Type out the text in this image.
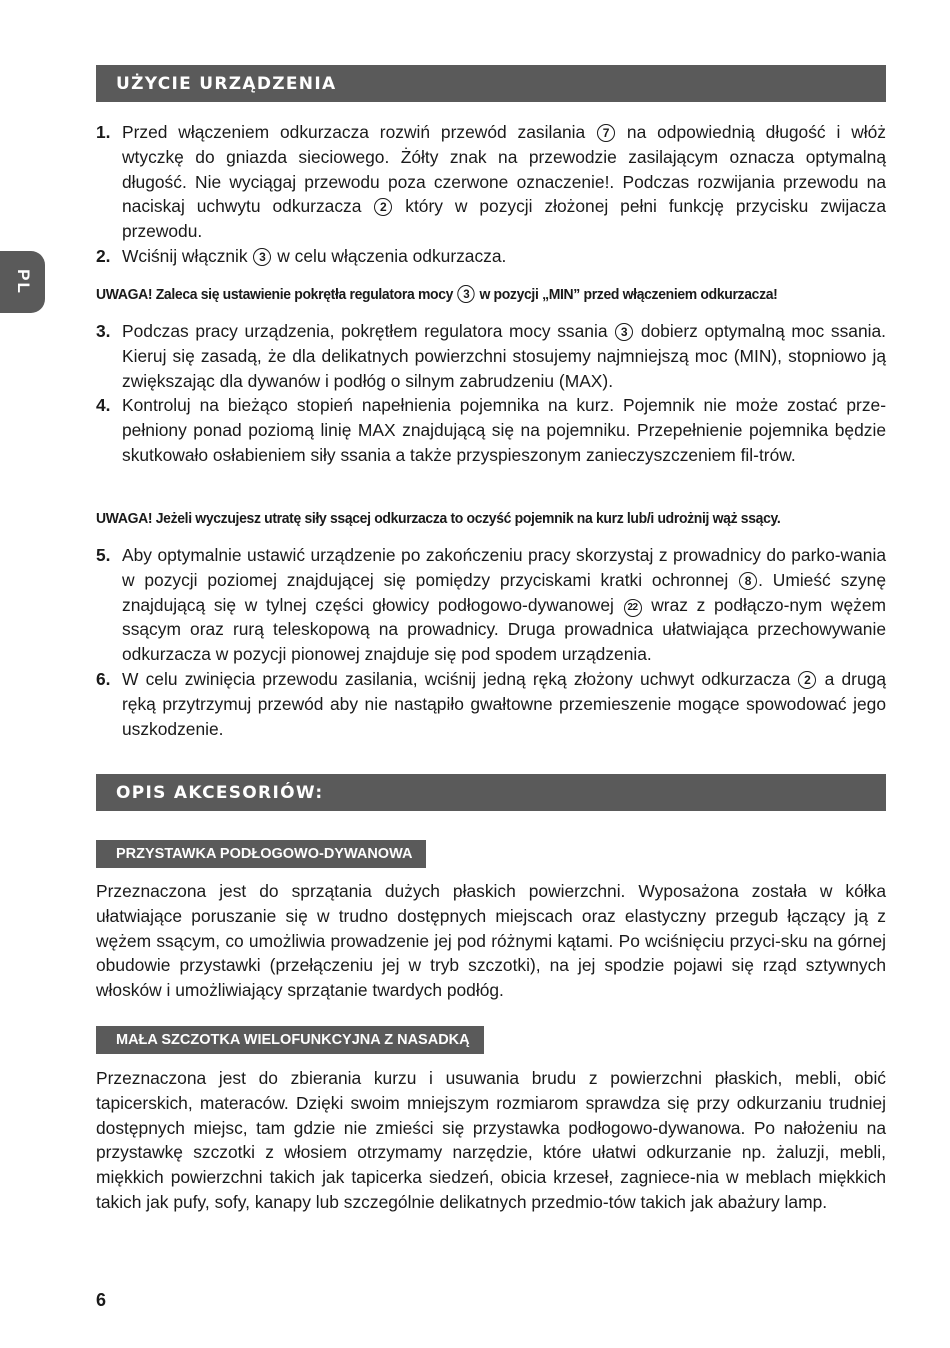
PL
UŻYCIE URZĄDZENIA
1. Przed włączeniem odkurzacza rozwiń przewód zasilania 7 na odpowiednią długość i włóż wtyczkę do gniazda sieciowego. Żółty znak na przewodzie zasilającym oznacza optymalną długość. Nie wyciągaj przewodu poza czerwone oznaczenie!. Podczas rozwijania przewodu na naciskaj uchwytu odkurzacza 2 który w pozycji złożonej pełni funkcję przycisku zwijacza przewodu.
2. Wciśnij włącznik 3 w celu włączenia odkurzacza.
UWAGA! Zaleca się ustawienie pokrętła regulatora mocy 3 w pozycji „MIN” przed włączeniem odkurzacza!
3. Podczas pracy urządzenia, pokrętłem regulatora mocy ssania 3 dobierz optymalną moc ssania. Kieruj się zasadą, że dla delikatnych powierzchni stosujemy najmniejszą moc (MIN), stopniowo ją zwiększając dla dywanów i podłóg o silnym zabrudzeniu (MAX).
4. Kontroluj na bieżąco stopień napełnienia pojemnika na kurz. Pojemnik nie może zostać prze-pełniony ponad poziomą linię MAX znajdującą się na pojemniku. Przepełnienie pojemnika będzie skutkowało osłabieniem siły ssania a także przyspieszonym zanieczyszczeniem fil-trów.
UWAGA! Jeżeli wyczujesz utratę siły ssącej odkurzacza to oczyść pojemnik na kurz lub/i udrożnij wąż ssący.
5. Aby optymalnie ustawić urządzenie po zakończeniu pracy skorzystaj z prowadnicy do parko-wania w pozycji poziomej znajdującej się pomiędzy przyciskami kratki ochronnej 8 . Umieść szynę znajdującą się w tylnej części głowicy podłogowo-dywanowej 22 wraz z podłączo-nym wężem ssącym oraz rurą teleskopową na prowadnicy. Druga prowadnica ułatwiająca przechowywanie odkurzacza w pozycji pionowej znajduje się pod spodem urządzenia.
6. W celu zwinięcia przewodu zasilania, wciśnij jedną ręką złożony uchwyt odkurzacza 2 a drugą ręką przytrzymuj przewód aby nie nastąpiło gwałtowne przemieszenie mogące spowodować jego uszkodzenie.
OPIS AKCESORIÓW:
PRZYSTAWKA PODŁOGOWO-DYWANOWA

Przeznaczona jest do sprzątania dużych płaskich powierzchni. Wyposażona została w kółka ułatwiające poruszanie się w trudno dostępnych miejscach oraz elastyczny przegub łączący ją z wężem ssącym, co umożliwia prowadzenie jej pod różnymi kątami. Po wciśnięciu przyci-sku na górnej obudowie przystawki (przełączeniu jej w tryb szczotki), na jej spodzie pojawi się rząd sztywnych włosków i umożliwiający sprzątanie twardych podłóg.

MAŁA SZCZOTKA WIELOFUNKCYJNA Z NASADKĄ

Przeznaczona jest do zbierania kurzu i usuwania brudu z powierzchni płaskich, mebli, obić tapicerskich, materaców. Dzięki swoim mniejszym rozmiarom sprawdza się przy odkurzaniu trudniej dostępnych miejsc, tam gdzie nie zmieści się przystawka podłogowo-dywanowa. Po nałożeniu na przystawkę szczotki z włosiem otrzymamy narzędzie, które ułatwi odkurzanie np. żaluzji, mebli, miękkich powierzchni takich jak tapicerka siedzeń, obicia krzeseł, zagniece-nia w meblach miękkich takich jak pufy, sofy, kanapy lub szczególnie delikatnych przedmio-tów takich jak abażury lamp.

6
